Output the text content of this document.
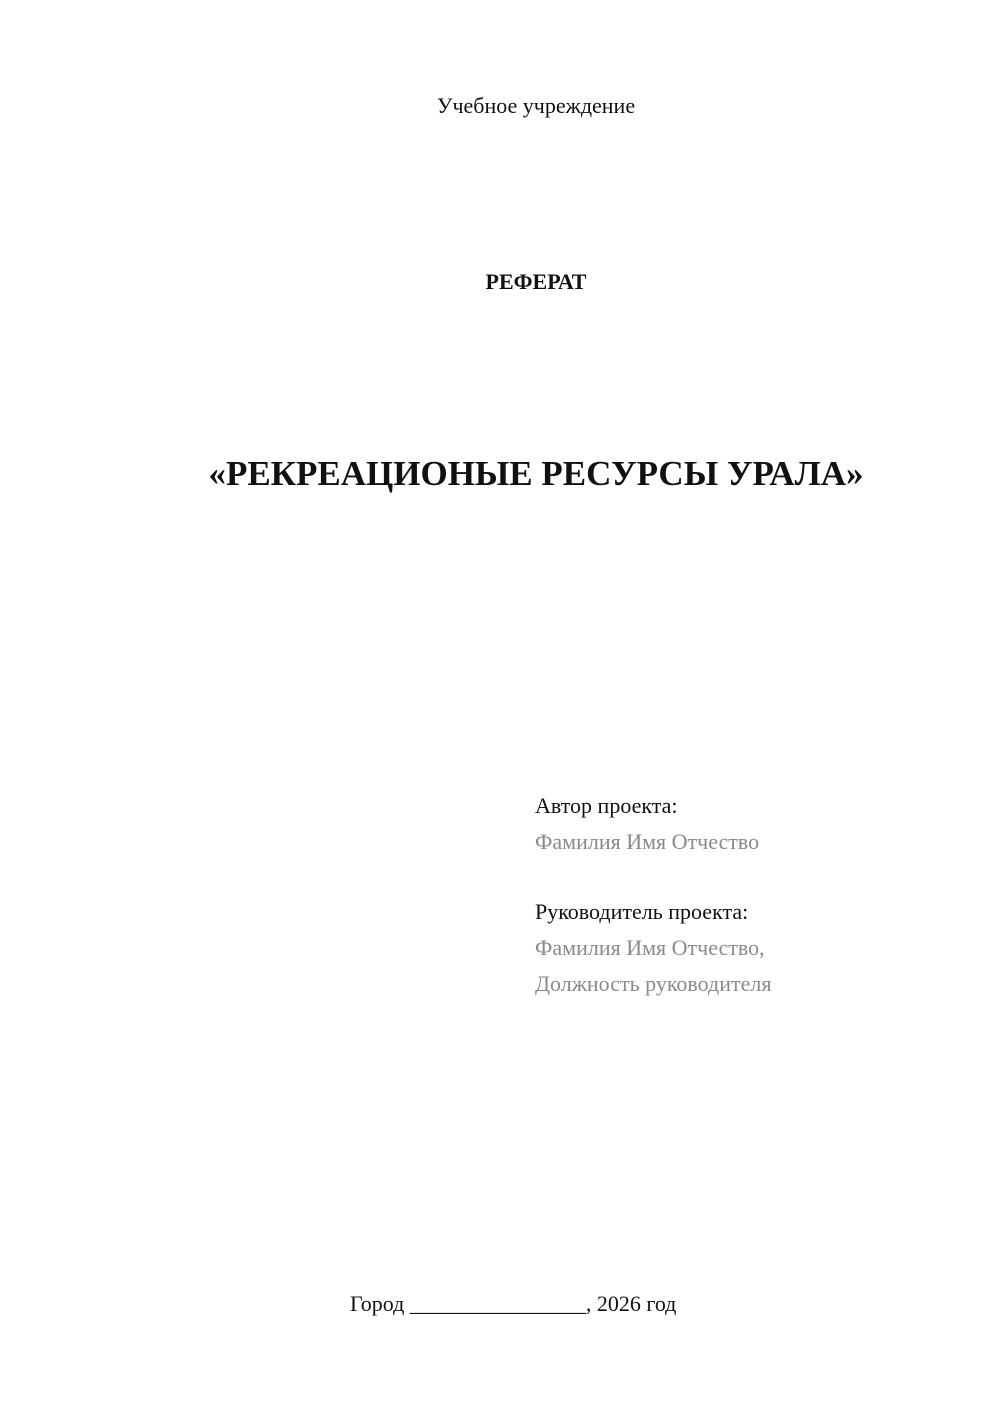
Учебное учреждение
РЕФЕРАТ
«РЕКРЕАЦИОНЫЕ РЕСУРСЫ УРАЛА»
Автор проекта:
Фамилия Имя Отчество
Руководитель проекта:
Фамилия Имя Отчество,
Должность руководителя
Город ________________, 2026 год
